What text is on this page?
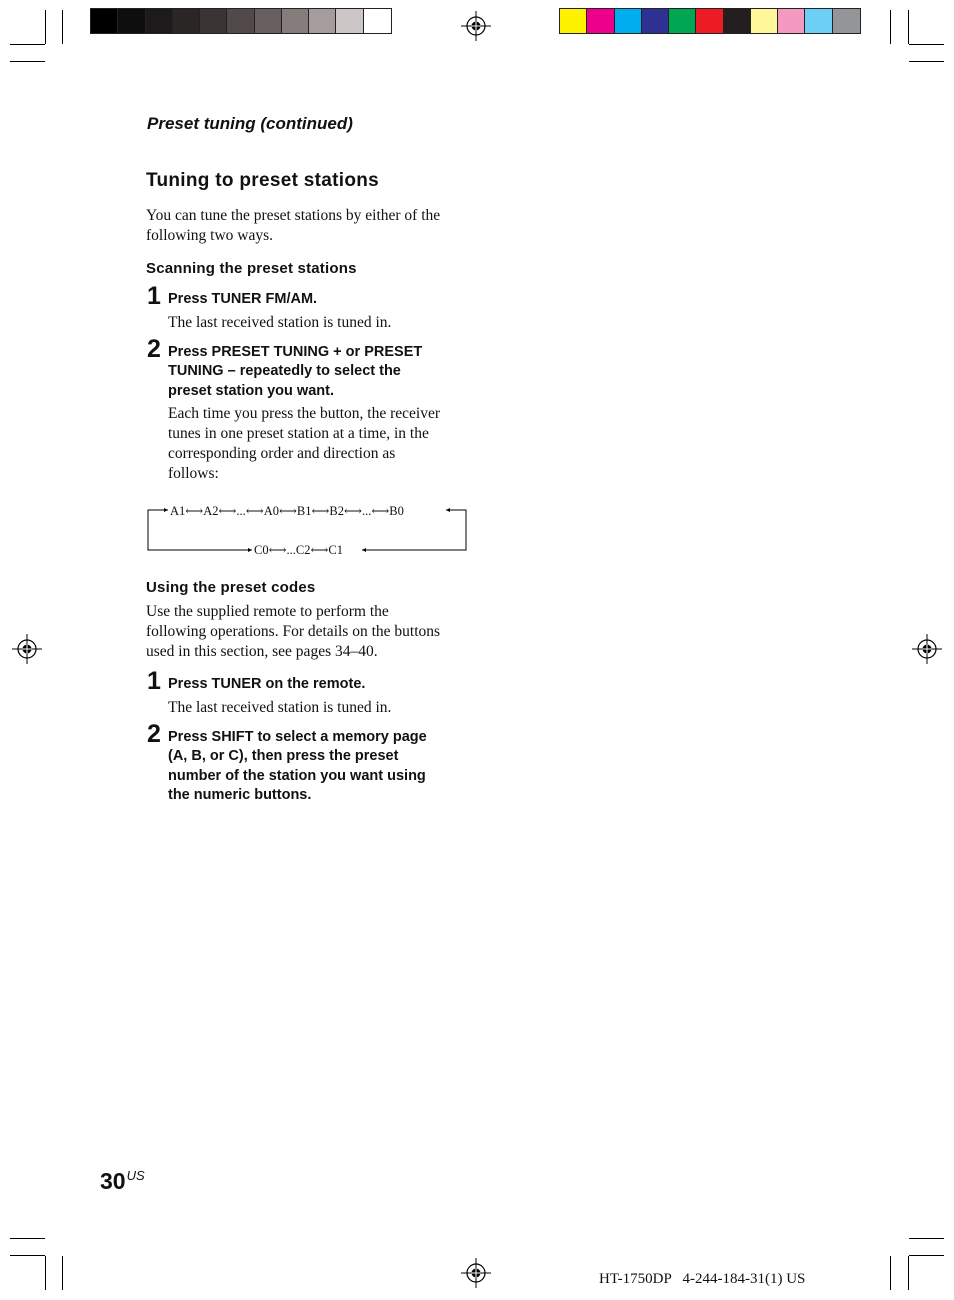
Preset tuning (continued)
Tuning to preset stations
You can tune the preset stations by either of the
following two ways.
Scanning the preset stations
1 Press TUNER FM/AM.
The last received station is tuned in.
2 Press PRESET TUNING + or PRESET
TUNING – repeatedly to select the
preset station you want.
Each time you press the button, the receiver
tunes in one preset station at a time, in the
corresponding order and direction as
follows:
A1⟷A2⟷...⟷A0⟷B1⟷B2⟷...⟷B0
C0⟷...C2⟷C1
Using the preset codes
Use the supplied remote to perform the
following operations. For details on the buttons
used in this section, see pages 34–40.
1 Press TUNER on the remote.
The last received station is tuned in.
2 Press SHIFT to select a memory page
(A, B, or C), then press the preset
number of the station you want using
the numeric buttons.
$30^{US}$
HT-1750DP   4-244-184-31(1) US
